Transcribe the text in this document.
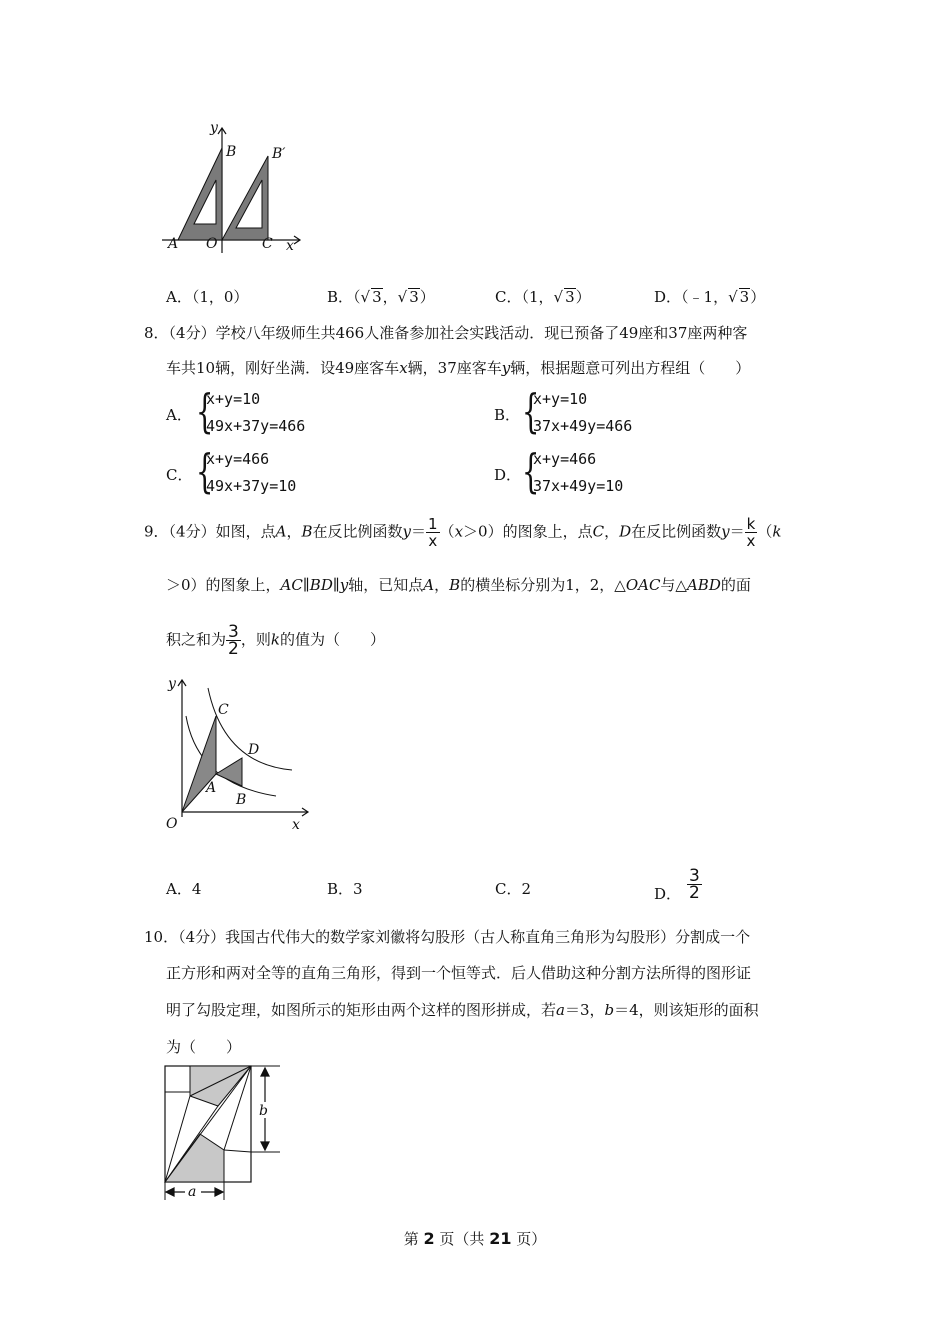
y
x
A O
B	B′
C
A．（1，0）	B．（√ 3，√ 3）	C．（1，√ 3）	D．（﹣1，√ 3）
8．（4分）学校八年级师生共466人准备参加社会实践活动．现已预备了49座和37座两种客
车共10辆，刚好坐满．设49座客车x辆，37座客车y辆，根据题意可列出方程组（　　）
A． {
x+y=10
49x+37y=466
B． {
x+y=10
37x+49y=466
C． {
x+y=466
49x+37y=10
D． {
x+y=466
37x+49y=10
9．（4分）如图，点A，B在反比例函数$y= \frac{1}{x} (x>0)$的图象上，点C，D在反比例函数$y= \frac{k}{x} (k$
＞0）的图象上，AC∥BD∥y轴，已知点A，B的横坐标分别为1，2，△OAC与△ABD的面
积之和为 $\frac{3}{2}$ ，则k的值为（　　）
y
x
O
C
D
A
B
A．4	B．3	C．2	D． $\frac{3}{2}$
10．（4分）我国古代伟大的数学家刘徽将勾股形（古人称直角三角形为勾股形）分割成一个
正方形和两对全等的直角三角形，得到一个恒等式．后人借助这种分割方法所得的图形证
明了勾股定理，如图所示的矩形由两个这样的图形拼成，若a＝3，b＝4，则该矩形的面积
为（　　）
b
a
第 2 页（共 21 页）
